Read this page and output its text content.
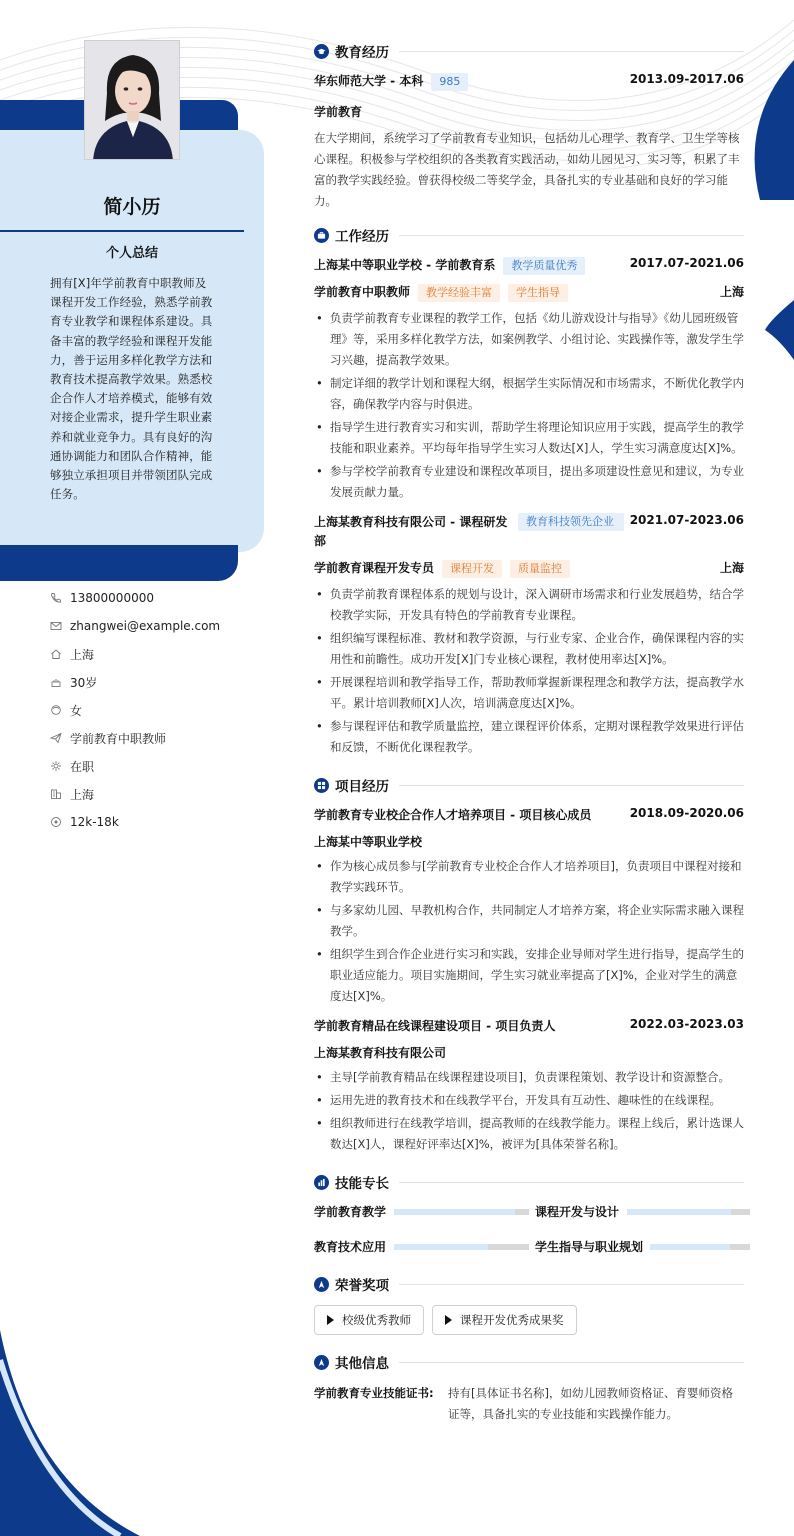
简小历
个人总结
拥有[X]年学前教育中职教师及课程开发工作经验，熟悉学前教育专业教学和课程体系建设。具备丰富的教学经验和课程开发能力，善于运用多样化教学方法和教育技术提高教学效果。熟悉校企合作人才培养模式，能够有效对接企业需求，提升学生职业素养和就业竞争力。具有良好的沟通协调能力和团队合作精神，能够独立承担项目并带领团队完成任务。
13800000000
zhangwei@example.com
上海
30岁
女
学前教育中职教师
在职
上海
12k-18k
教育经历
华东师范大学 - 本科 985	2013.09-2017.06
学前教育
在大学期间，系统学习了学前教育专业知识，包括幼儿心理学、教育学、卫生学等核心课程。积极参与学校组织的各类教育实践活动，如幼儿园见习、实习等，积累了丰富的教学实践经验。曾获得校级二等奖学金，具备扎实的专业基础和良好的学习能力。
工作经历
上海某中等职业学校 - 学前教育系 教学质量优秀	2017.07-2021.06
学前教育中职教师 教学经验丰富 学生指导	上海
• 负责学前教育专业课程的教学工作，包括《幼儿游戏设计与指导》《幼儿园班级管理》等，采用多样化教学方法，如案例教学、小组讨论、实践操作等，激发学生学习兴趣，提高教学效果。
• 制定详细的教学计划和课程大纲，根据学生实际情况和市场需求，不断优化教学内容，确保教学内容与时俱进。
• 指导学生进行教育实习和实训，帮助学生将理论知识应用于实践，提高学生的教学技能和职业素养。平均每年指导学生实习人数达[X]人，学生实习满意度达[X]%。
• 参与学校学前教育专业建设和课程改革项目，提出多项建设性意见和建议，为专业发展贡献力量。
上海某教育科技有限公司 - 课程研发部
教育科技领先企业	2021.07-2023.06
学前教育课程开发专员 课程开发 质量监控	上海
• 负责学前教育课程体系的规划与设计，深入调研市场需求和行业发展趋势，结合学校教学实际，开发具有特色的学前教育专业课程。
• 组织编写课程标准、教材和教学资源，与行业专家、企业合作，确保课程内容的实用性和前瞻性。成功开发[X]门专业核心课程，教材使用率达[X]%。
• 开展课程培训和教学指导工作，帮助教师掌握新课程理念和教学方法，提高教学水平。累计培训教师[X]人次，培训满意度达[X]%。
• 参与课程评估和教学质量监控，建立课程评价体系，定期对课程教学效果进行评估和反馈，不断优化课程教学。
项目经历
学前教育专业校企合作人才培养项目 - 项目核心成员	2018.09-2020.06
上海某中等职业学校
• 作为核心成员参与[学前教育专业校企合作人才培养项目]，负责项目中课程对接和教学实践环节。
• 与多家幼儿园、早教机构合作，共同制定人才培养方案，将企业实际需求融入课程教学。
• 组织学生到合作企业进行实习和实践，安排企业导师对学生进行指导，提高学生的职业适应能力。项目实施期间，学生实习就业率提高了[X]%，企业对学生的满意度达[X]%。
学前教育精品在线课程建设项目 - 项目负责人	2022.03-2023.03
上海某教育科技有限公司
• 主导[学前教育精品在线课程建设项目]，负责课程策划、教学设计和资源整合。
• 运用先进的教育技术和在线教学平台，开发具有互动性、趣味性的在线课程。
• 组织教师进行在线教学培训，提高教师的在线教学能力。课程上线后，累计选课人数达[X]人，课程好评率达[X]%，被评为[具体荣誉名称]。
技能专长
学前教育教学	课程开发与设计
教育技术应用	学生指导与职业规划
荣誉奖项
校级优秀教师	课程开发优秀成果奖
其他信息
学前教育专业技能证书:	持有[具体证书名称]，如幼儿园教师资格证、育婴师资格证等，具备扎实的专业技能和实践操作能力。
